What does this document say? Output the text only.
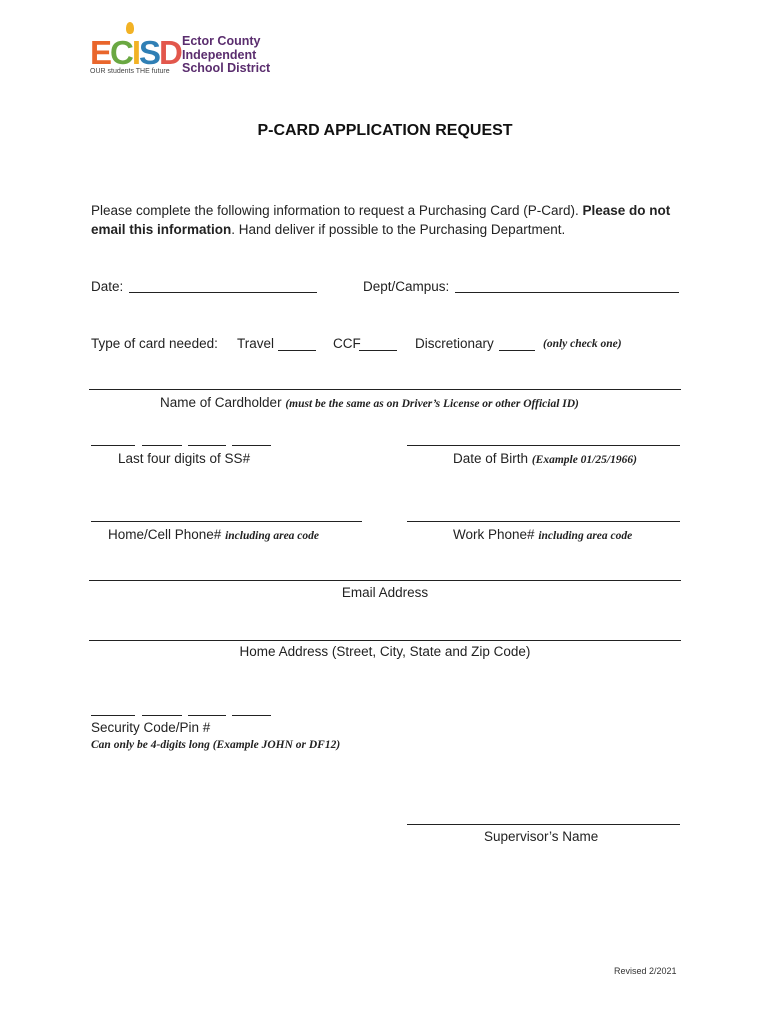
ECISD
OUR students THE future
Ector County
Independent
School District
P-CARD APPLICATION REQUEST
Please complete the following information to request a Purchasing Card (P-Card). Please do not email this information. Hand deliver if possible to the Purchasing Department.
Date:	Dept/Campus:
Type of card needed: Travel	CCF	Discretionary	(only check one)
Name of Cardholder (must be the same as on Driver’s License or other Official ID)
Last four digits of SS#	Date of Birth (Example 01/25/1966)
Home/Cell Phone# including area code	Work Phone# including area code
Email Address
Home Address (Street, City, State and Zip Code)
Security Code/Pin #
Can only be 4-digits long (Example JOHN or DF12)
Supervisor’s Name
Revised 2/2021
